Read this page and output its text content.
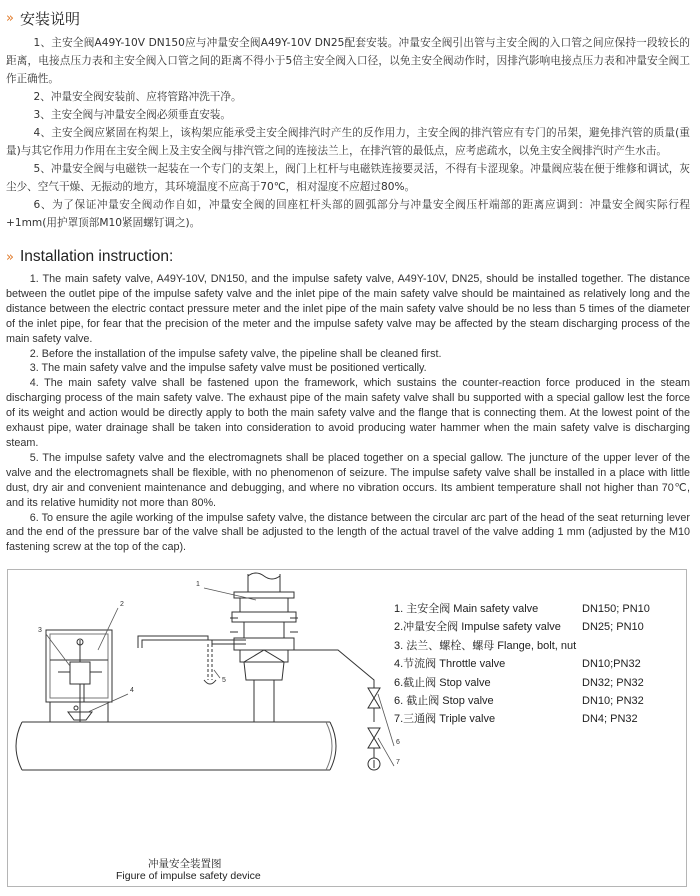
» 安装说明

1、主安全阀A49Y-10V DN150应与冲量安全阀A49Y-10V DN25配套安装。冲量安全阀引出管与主安全阀的入口管之间应保持一段较长的距离，电接点压力表和主安全阀入口管之间的距离不得小于5倍主安全阀入口径，以免主安全阀动作时，因排汽影响电接点压力表和冲量安全阀工作正确性。

2、冲量安全阀安装前、应将管路冲洗干净。

3、主安全阀与冲量安全阀必须垂直安装。

4、主安全阀应紧固在构架上，该构架应能承受主安全阀排汽时产生的反作用力，主安全阀的排汽管应有专门的吊架，避免排汽管的质量(重量)与其它作用力作用在主安全阀上及主安全阀与排汽管之间的连接法兰上，在排汽管的最低点，应考虑疏水，以免主安全阀排汽时产生水击。

5、冲量安全阀与电磁铁一起装在一个专门的支架上，阀门上杠杆与电磁铁连接要灵活，不得有卡涩现象。冲量阀应装在便于维修和调试，灰尘少、空气干燥、无振动的地方，其环境温度不应高于70℃，相对湿度不应超过80%。

6、为了保证冲量安全阀动作自如，冲量安全阀的回座杠杆头部的圆弧部分与冲量安全阀压杆端部的距离应调到：冲量安全阀实际行程+1mm(用护罩顶部M10紧固螺钉调之)。

» Installation instruction:

1. The main safety valve, A49Y-10V, DN150, and the impulse safety valve, A49Y-10V, DN25, should be installed together. The distance between the outlet pipe of the impulse safety valve and the inlet pipe of the main safety valve should be maintained as relatively long and the distance between the electric contact pressure meter and the inlet pipe of the main safety valve should be no less than 5 times of the diameter of the inlet pipe, for fear that the precision of the meter and the impulse safety valve may be affected by the steam discharging process of the main safety valve.

2. Before the installation of the impulse safety valve, the pipeline shall be cleaned first.

3. The main safety valve and the impulse safety valve must be positioned vertically.

4. The main safety valve shall be fastened upon the framework, which sustains the counter-reaction force produced in the steam discharging process of the main safety valve. The exhaust pipe of the main safety valve shall bu supported with a special gallow lest the force of its weight and action would be directly apply to both the main safety valve and the flange that is connecting them. At the lowest point of the exhaust pipe, water drainage shall be taken into consideration to avoid producing water hammer when the main safety valve is discharging steam.

5. The impulse safety valve and the electromagnets shall be placed together on a special gallow. The juncture of the upper lever of the valve and the electromagnets shall be flexible, with no phenomenon of seizure. The impulse safety valve shall be installed in a place with little dust, dry air and convenient maintenance and debugging, and where no vibration occurs. Its ambient temperature shall not higher than 70℃, and its relative humidity not more than 80%.

6. To ensure the agile working of the impulse safety valve, the distance between the circular arc part of the head of the seat returning lever and the end of the pressure bar of the valve shall be adjusted to the length of the actual travel of the valve adding 1 mm (adjusted by the M10 fastening screw at the top of the cap).

1
2
3
4
5
6
7
1. 主安全阀 Main safety valve	DN150; PN10
2.冲量安全阀 Impulse safety valve DN25; PN10
3. 法兰、螺栓、螺母 Flange, bolt, nut
4.节流阀 Throttle valve	DN10;PN32
6.截止阀 Stop valve	DN32; PN32
6. 截止阀 Stop valve	DN10; PN32
7.三通阀 Triple valve	DN4; PN32
冲量安全装置图
Figure of impulse safety device
